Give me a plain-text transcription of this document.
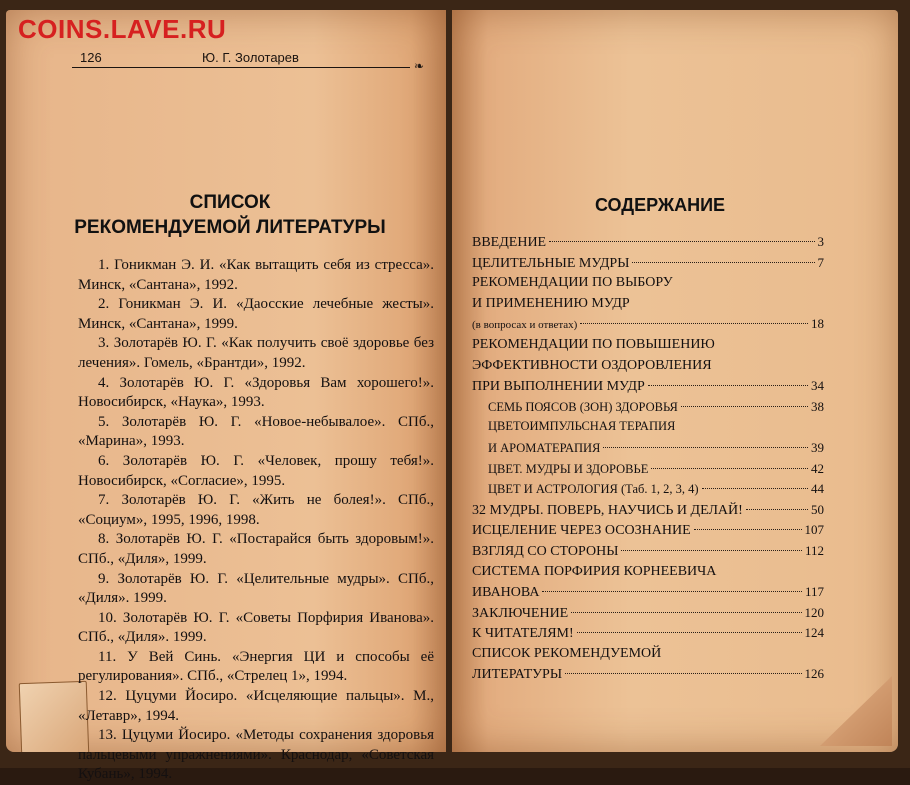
COINS.LAVE.RU
126	Ю. Г. Золотарев
❧
СПИСОК
РЕКОМЕНДУЕМОЙ ЛИТЕРАТУРЫ

1. Гоникман Э. И. «Как вытащить себя из стресса». Минск, «Сантана», 1992.

2. Гоникман Э. И. «Даосские лечебные жесты». Минск, «Сантана», 1999.

3. Золотарёв Ю. Г. «Как получить своё здоровье без лечения». Гомель, «Брантди», 1992.

4. Золотарёв Ю. Г. «Здоровья Вам хорошего!». Новосибирск, «Наука», 1993.

5. Золотарёв Ю. Г. «Новое-небывалое». СПб., «Марина», 1993.

6. Золотарёв Ю. Г. «Человек, прошу тебя!». Новосибирск, «Согласие», 1995.

7. Золотарёв Ю. Г. «Жить не болея!». СПб., «Социум», 1995, 1996, 1998.

8. Золотарёв Ю. Г. «Постарайся быть здоровым!». СПб., «Диля», 1999.

9. Золотарёв Ю. Г. «Целительные мудры». СПб., «Диля». 1999.

10. Золотарёв Ю. Г. «Советы Порфирия Иванова». СПб., «Диля». 1999.

11. У Вей Синь. «Энергия ЦИ и способы её регулирования». СПб., «Стрелец 1», 1994.

12. Цуцуми Йосиро. «Исцеляющие пальцы». М., «Летавр», 1994.

13. Цуцуми Йосиро. «Методы сохранения здоровья пальцевыми упражнениями». Краснодар, «Советская Кубань», 1994.

СОДЕРЖАНИЕ
ВВЕДЕНИЕ	3
ЦЕЛИТЕЛЬНЫЕ МУДРЫ	7
РЕКОМЕНДАЦИИ ПО ВЫБОРУ
И ПРИМЕНЕНИЮ МУДР
(в вопросах и ответах)	18
РЕКОМЕНДАЦИИ ПО ПОВЫШЕНИЮ
ЭФФЕКТИВНОСТИ ОЗДОРОВЛЕНИЯ
ПРИ ВЫПОЛНЕНИИ МУДР	34
СЕМЬ ПОЯСОВ (ЗОН) ЗДОРОВЬЯ	38
ЦВЕТОИМПУЛЬСНАЯ ТЕРАПИЯ
И АРОМАТЕРАПИЯ	39
ЦВЕТ. МУДРЫ И ЗДОРОВЬЕ	42
ЦВЕТ И АСТРОЛОГИЯ (Таб. 1, 2, 3, 4)	44
32 МУДРЫ. ПОВЕРЬ, НАУЧИСЬ И ДЕЛАЙ!	50
ИСЦЕЛЕНИЕ ЧЕРЕЗ ОСОЗНАНИЕ	107
ВЗГЛЯД СО СТОРОНЫ	112
СИСТЕМА ПОРФИРИЯ КОРНЕЕВИЧА
ИВАНОВА	117
ЗАКЛЮЧЕНИЕ	120
К ЧИТАТЕЛЯМ!	124
СПИСОК РЕКОМЕНДУЕМОЙ
ЛИТЕРАТУРЫ	126
